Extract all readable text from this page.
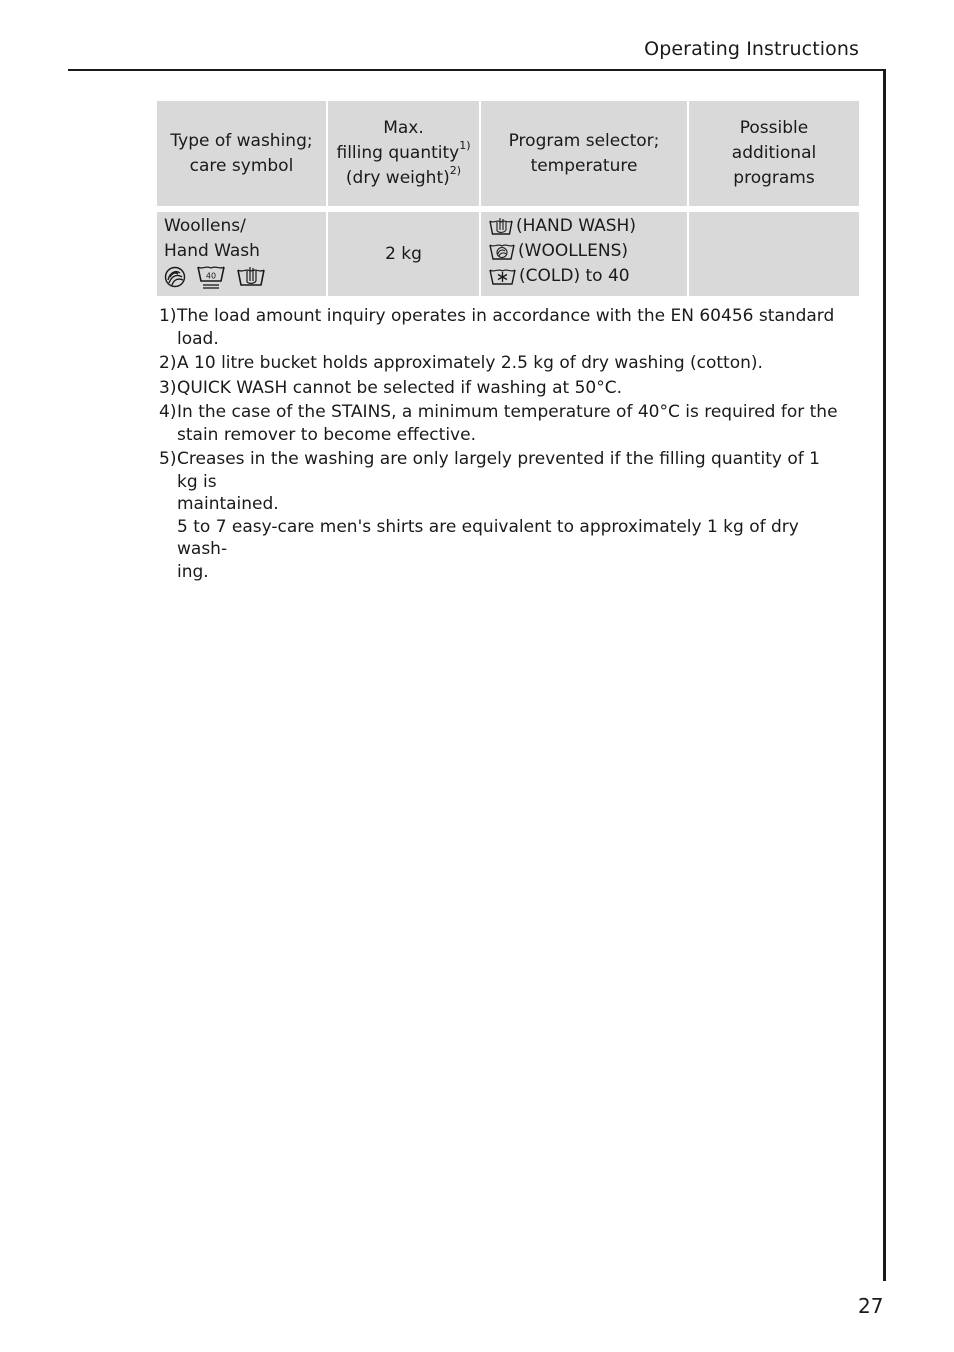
Operating Instructions
Type of washing;
care symbol
Max.
filling quantity$^{1)}$
(dry weight)$^{2)}$
Program selector;
temperature
Possible
additional
programs
Woollens/
Hand Wash
40
2 kg
(HAND WASH)
(WOOLLENS)
(COLD) to 40
1) The load amount inquiry operates in accordance with the EN 60456 standard
load.
2) A 10 litre bucket holds approximately 2.5 kg of dry washing (cotton).
3) QUICK WASH cannot be selected if washing at 50°C.
4) In the case of the STAINS, a minimum temperature of 40°C is required for the
stain remover to become effective.
5) Creases in the washing are only largely prevented if the filling quantity of 1 kg is
maintained.
5 to 7 easy-care men's shirts are equivalent to approximately 1 kg of dry wash-
ing.
27
